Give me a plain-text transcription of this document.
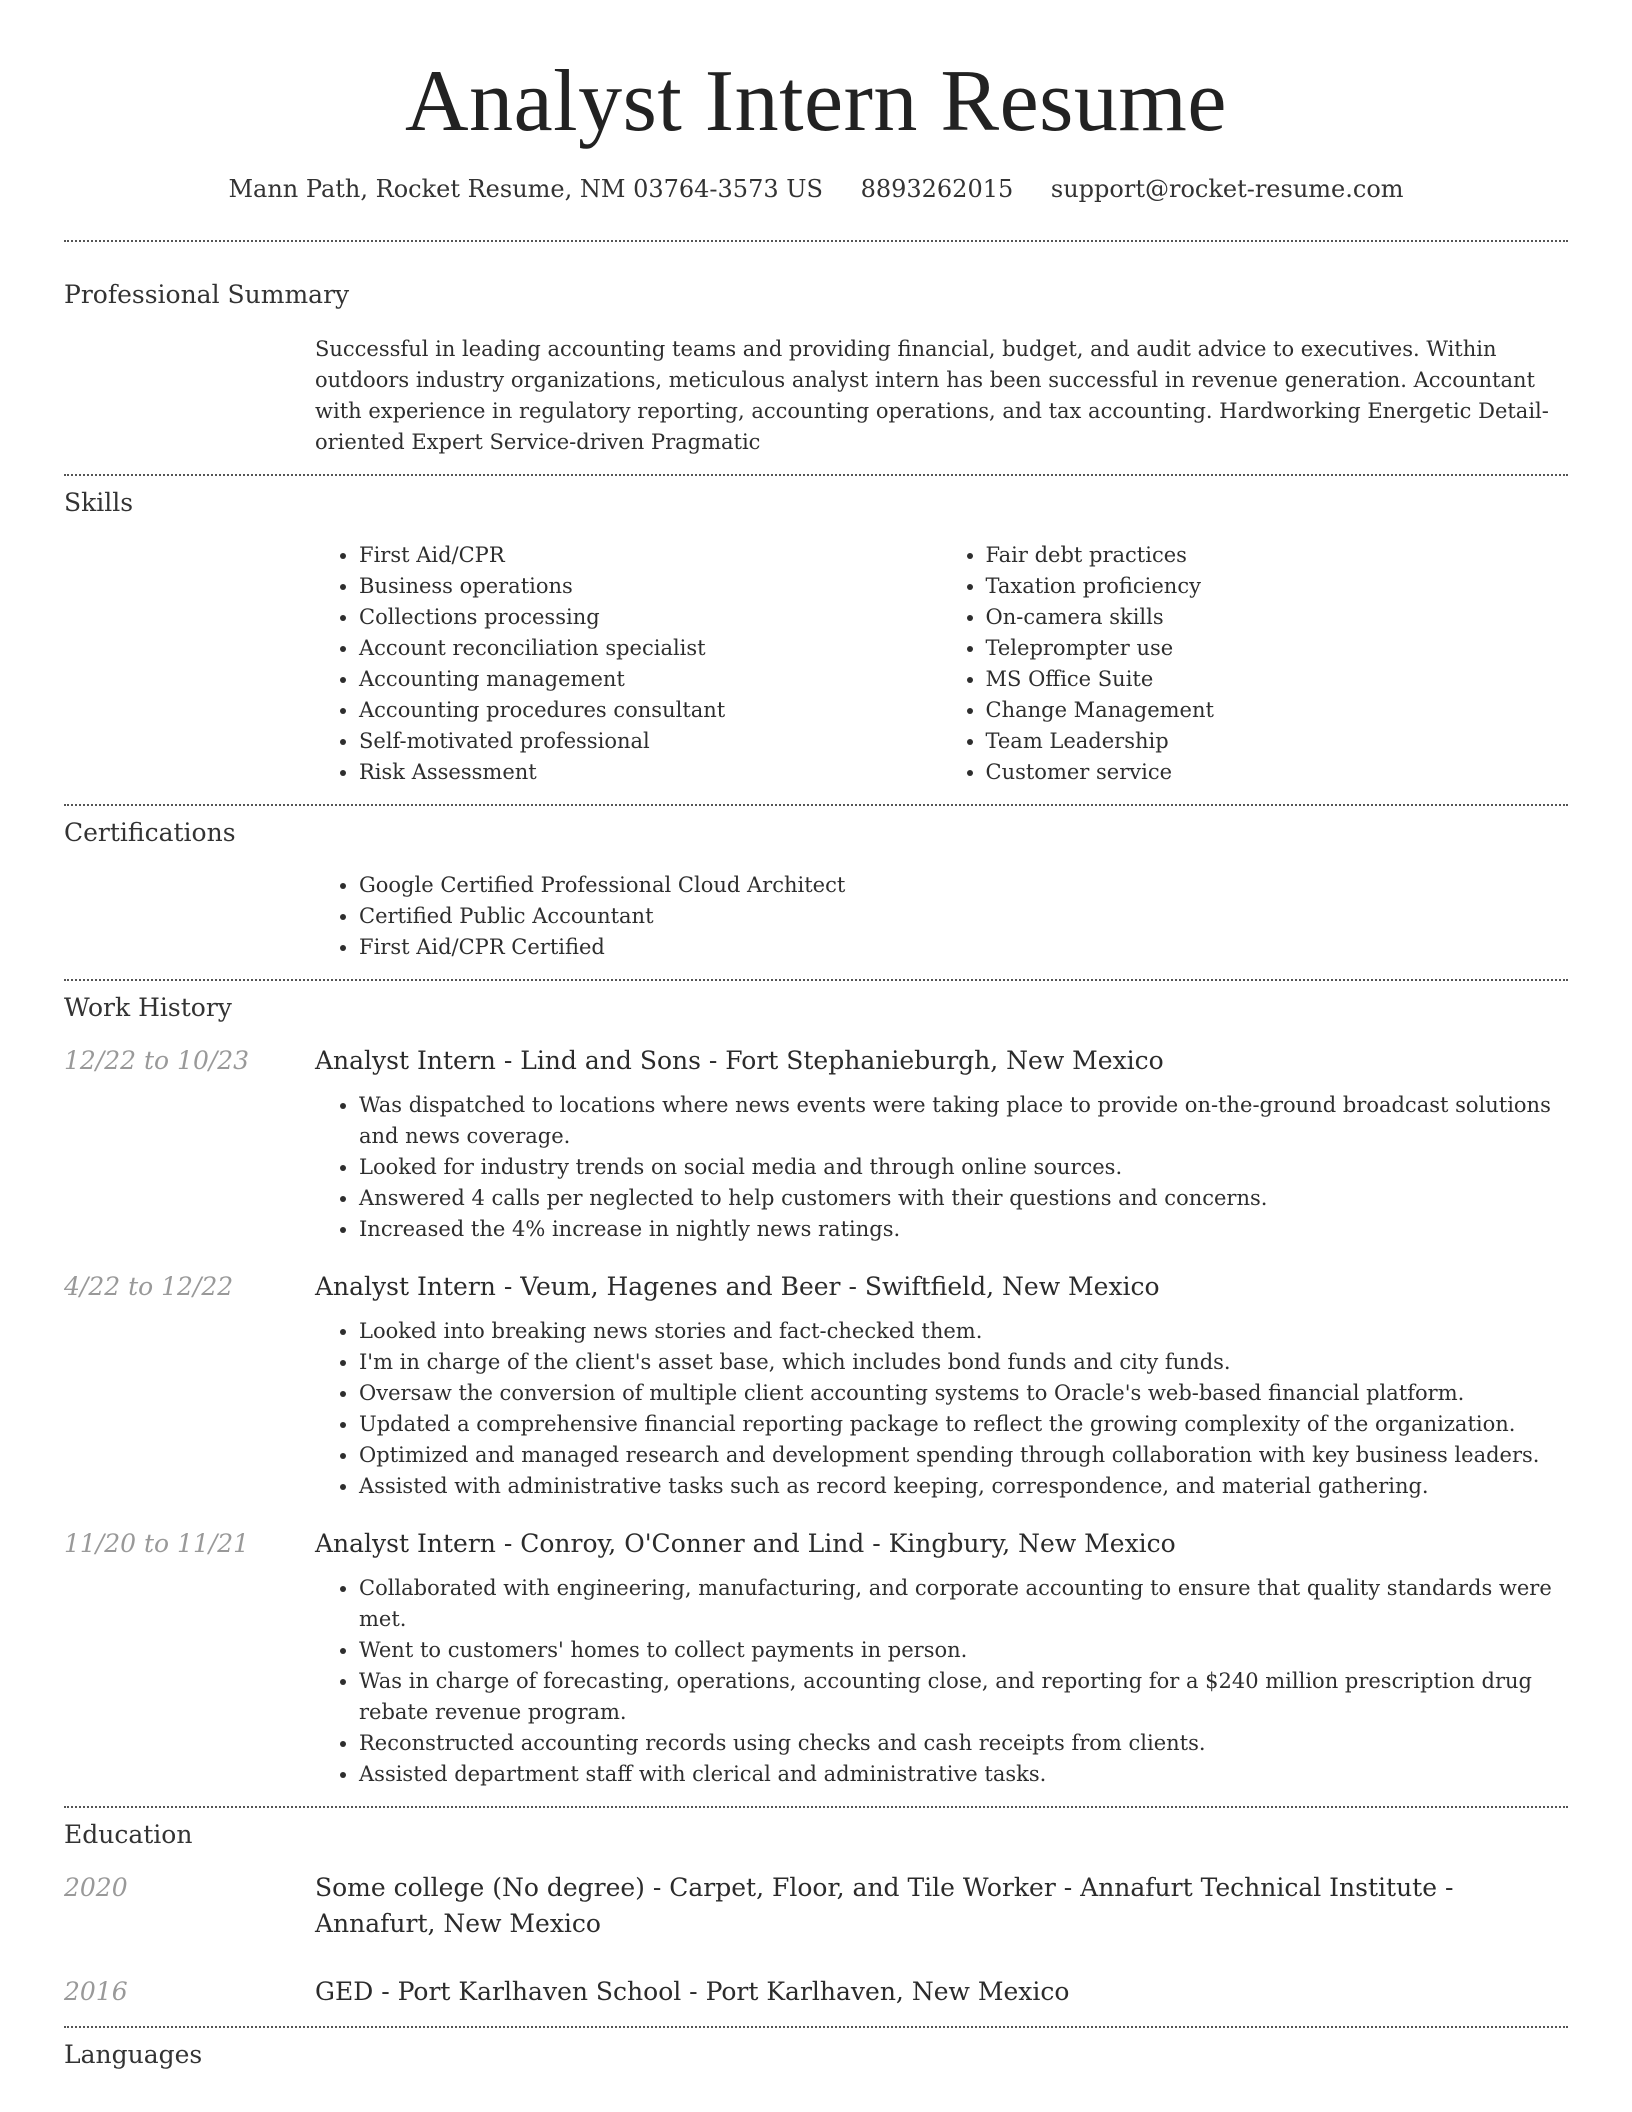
Analyst Intern Resume
Mann Path, Rocket Resume, NM 03764-3573 US 8893262015 support@rocket-resume.com
Professional Summary
Successful in leading accounting teams and providing financial, budget, and audit advice to executives. Within outdoors industry organizations, meticulous analyst intern has been successful in revenue generation. Accountant with experience in regulatory reporting, accounting operations, and tax accounting. Hardworking Energetic Detail-oriented Expert Service-driven Pragmatic
Skills
• First Aid/CPR
• Business operations
• Collections processing
• Account reconciliation specialist
• Accounting management
• Accounting procedures consultant
• Self-motivated professional
• Risk Assessment
• Fair debt practices
• Taxation proficiency
• On-camera skills
• Teleprompter use
• MS Office Suite
• Change Management
• Team Leadership
• Customer service
Certifications
• Google Certified Professional Cloud Architect
• Certified Public Accountant
• First Aid/CPR Certified
Work History
12/22 to 10/23	Analyst Intern - Lind and Sons - Fort Stephanieburgh, New Mexico
• Was dispatched to locations where news events were taking place to provide on-the-ground broadcast solutions and news coverage.
• Looked for industry trends on social media and through online sources.
• Answered 4 calls per neglected to help customers with their questions and concerns.
• Increased the 4% increase in nightly news ratings.
4/22 to 12/22	Analyst Intern - Veum, Hagenes and Beer - Swiftfield, New Mexico
• Looked into breaking news stories and fact-checked them.
• I'm in charge of the client's asset base, which includes bond funds and city funds.
• Oversaw the conversion of multiple client accounting systems to Oracle's web-based financial platform.
• Updated a comprehensive financial reporting package to reflect the growing complexity of the organization.
• Optimized and managed research and development spending through collaboration with key business leaders.
• Assisted with administrative tasks such as record keeping, correspondence, and material gathering.
11/20 to 11/21	Analyst Intern - Conroy, O'Conner and Lind - Kingbury, New Mexico
• Collaborated with engineering, manufacturing, and corporate accounting to ensure that quality standards were met.
• Went to customers' homes to collect payments in person.
• Was in charge of forecasting, operations, accounting close, and reporting for a $240 million prescription drug rebate revenue program.
• Reconstructed accounting records using checks and cash receipts from clients.
• Assisted department staff with clerical and administrative tasks.
Education
2020	Some college (No degree) - Carpet, Floor, and Tile Worker - Annafurt Technical Institute - Annafurt, New Mexico
2016	GED - Port Karlhaven School - Port Karlhaven, New Mexico
Languages
